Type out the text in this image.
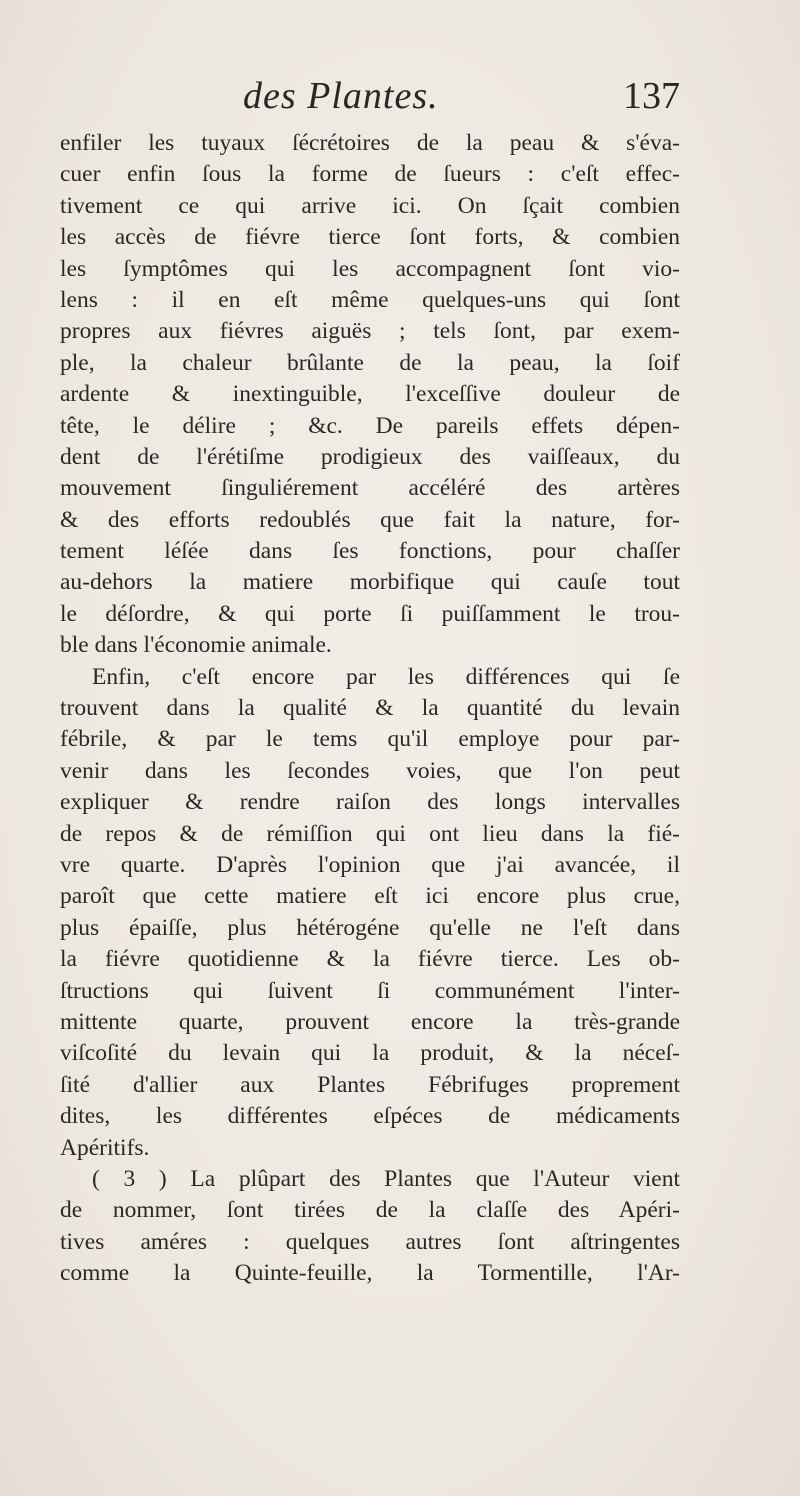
des Plantes.	137
enfiler les tuyaux ſécrétoires de la peau & s'éva-
cuer enfin ſous la forme de ſueurs : c'eſt effec-
tivement ce qui arrive ici. On ſçait combien
les accès de fiévre tierce ſont forts, & combien
les ſymptômes qui les accompagnent ſont vio-
lens : il en eſt même quelques-uns qui ſont
propres aux fiévres aiguës ; tels ſont, par exem-
ple, la chaleur brûlante de la peau, la ſoif
ardente & inextinguible, l'exceſſive douleur de
tête, le délire ; &c. De pareils effets dépen-
dent de l'érétiſme prodigieux des vaiſſeaux, du
mouvement ſinguliérement accéléré des artères
& des efforts redoublés que fait la nature, for-
tement léſée dans ſes fonctions, pour chaſſer
au-dehors la matiere morbifique qui cauſe tout
le déſordre, & qui porte ſi puiſſamment le trou-
ble dans l'économie animale.
Enfin, c'eſt encore par les différences qui ſe
trouvent dans la qualité & la quantité du levain
fébrile, & par le tems qu'il employe pour par-
venir dans les ſecondes voies, que l'on peut
expliquer & rendre raiſon des longs intervalles
de repos & de rémiſſion qui ont lieu dans la fié-
vre quarte. D'après l'opinion que j'ai avancée, il
paroît que cette matiere eſt ici encore plus crue,
plus épaiſſe, plus hétérogéne qu'elle ne l'eſt dans
la fiévre quotidienne & la fiévre tierce. Les ob-
ſtructions qui ſuivent ſi communément l'inter-
mittente quarte, prouvent encore la très-grande
viſcoſité du levain qui la produit, & la néceſ-
ſité d'allier aux Plantes Fébrifuges proprement
dites, les différentes eſpéces de médicaments
Apéritifs.
( 3 ) La plûpart des Plantes que l'Auteur vient
de nommer, ſont tirées de la claſſe des Apéri-
tives améres : quelques autres ſont aſtringentes
comme la Quinte-feuille, la Tormentille, l'Ar-
